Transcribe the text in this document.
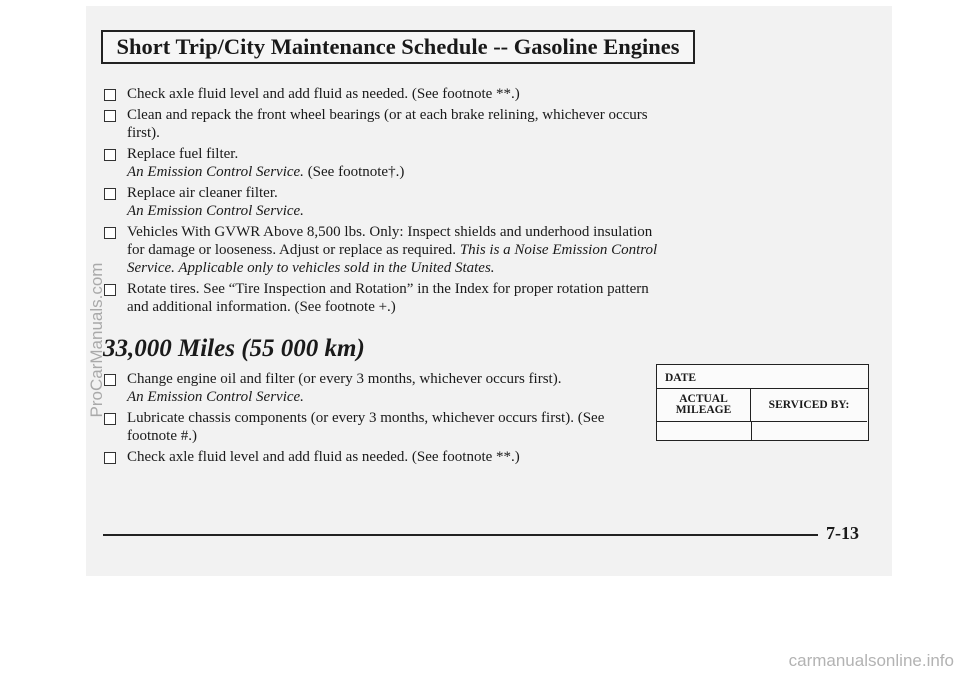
Short Trip/City Maintenance Schedule -- Gasoline Engines
Check axle fluid level and add fluid as needed. (See footnote **.)
Clean and repack the front wheel bearings (or at each brake relining, whichever occurs first).
Replace fuel filter.
An Emission Control Service. (See footnote†.)
Replace air cleaner filter.
An Emission Control Service.
Vehicles With GVWR Above 8,500 lbs. Only: Inspect shields and underhood insulation for damage or looseness. Adjust or replace as required. This is a Noise Emission Control Service. Applicable only to vehicles sold in the United States.
Rotate tires. See “Tire Inspection and Rotation” in the Index for proper rotation pattern and additional information. (See footnote +.)
33,000 Miles (55 000 km)
Change engine oil and filter (or every 3 months, whichever occurs first).
An Emission Control Service.
Lubricate chassis components (or every 3 months, whichever occurs first). (See footnote #.)
Check axle fluid level and add fluid as needed. (See footnote **.)
DATE
ACTUAL
MILEAGE	SERVICED BY:
7-13
ProCarManuals.com
carmanualsonline.info
